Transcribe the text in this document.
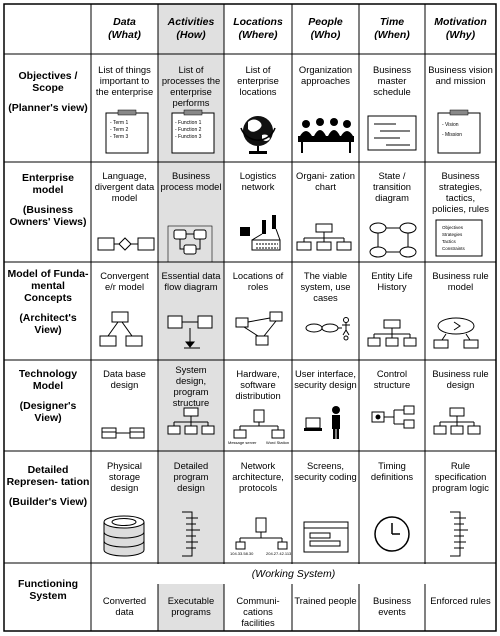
- Term 1
- Term 2
- Term 3
- Function 1
- Function 2
- Function 3
- Vision
- Mission
Objectives
Strategies
Tactics
Constraints
Message server Word Station
104.33.58.30	204.27.42.113
Data
(What)
Activities
(How)
Locations
(Where)
People
(Who)
Time
(When)
Motivation
(Why)
Objectives / Scope
(Planner's view)
Enterprise model
(Business Owners' Views)
Model of Funda- mental Concepts
(Architect's View)
Technology Model
(Designer's View)
Detailed Represen- tation
(Builder's View)
Functioning System
List of things important to the enterprise
List of processes the enterprise performs
List of enterprise locations
Organization approaches
Business master schedule
Business vision and mission
Language, divergent data model
Business process model
Logistics network
Organi- zation chart
State / transition diagram
Business strategies, tactics, policies, rules
Convergent e/r model
Essential data flow diagram
Locations of roles
The viable system, use cases
Entity Life History
Business rule model
Data base design
System design, program structure
Hardware, software distribution
User interface, security design
Control structure
Business rule design
Physical storage design
Detailed program design
Network architecture, protocols
Screens, security coding
Timing definitions
Rule specification program logic
(Working System)
Converted data
Executable programs
Communi- cations facilities
Trained people	Business events
Enforced rules
